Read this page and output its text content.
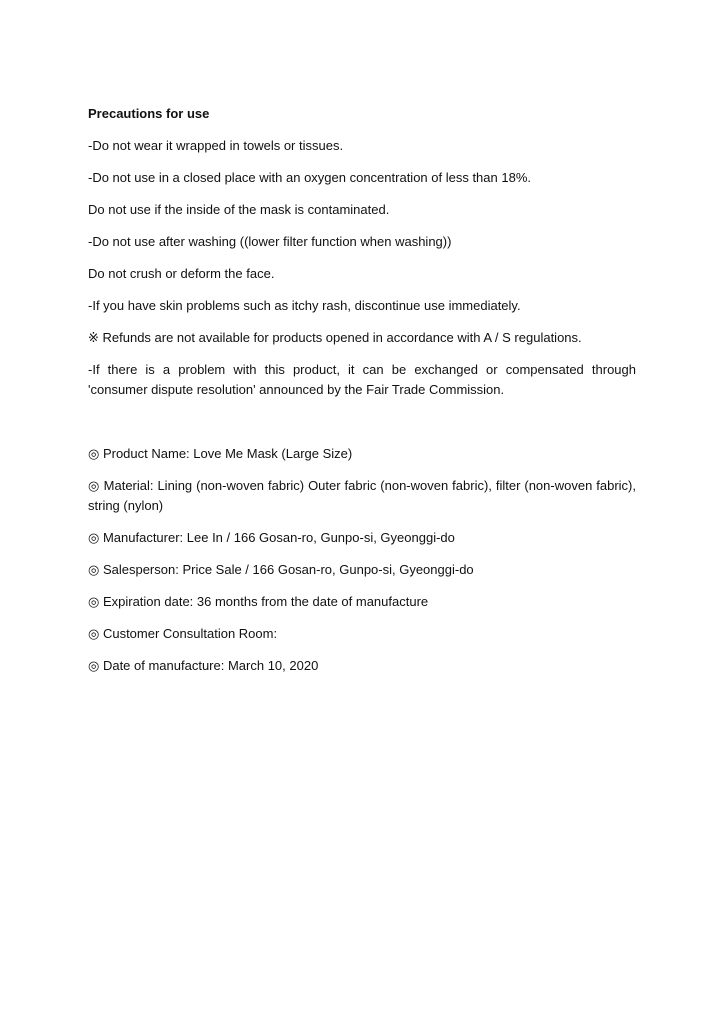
Precautions for use
-Do not wear it wrapped in towels or tissues.
-Do not use in a closed place with an oxygen concentration of less than 18%.
Do not use if the inside of the mask is contaminated.
-Do not use after washing ((lower filter function when washing))
Do not crush or deform the face.
-If you have skin problems such as itchy rash, discontinue use immediately.
※ Refunds are not available for products opened in accordance with A / S regulations.
-If there is a problem with this product, it can be exchanged or compensated through 'consumer dispute resolution' announced by the Fair Trade Commission.
◎ Product Name: Love Me Mask (Large Size)
◎ Material: Lining (non-woven fabric) Outer fabric (non-woven fabric), filter (non-woven fabric),
string (nylon)
◎ Manufacturer: Lee In / 166 Gosan-ro, Gunpo-si, Gyeonggi-do
◎ Salesperson: Price Sale / 166 Gosan-ro, Gunpo-si, Gyeonggi-do
◎ Expiration date: 36 months from the date of manufacture
◎ Customer Consultation Room:
◎ Date of manufacture: March 10, 2020
